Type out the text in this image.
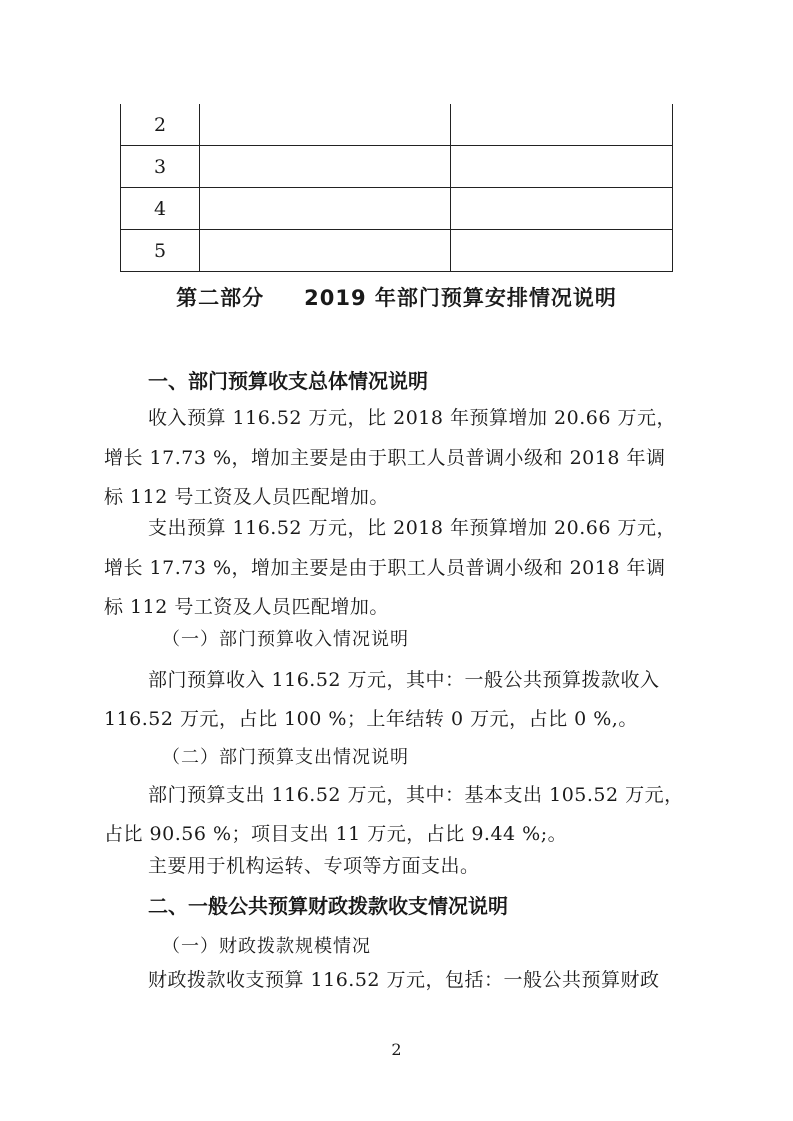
2		
3		
4		
5		
第二部分 2019 年部门预算安排情况说明
一、部门预算收支总体情况说明
收入预算 116.52 万元，比 2018 年预算增加 20.66 万元，
增长 17.73 %，增加主要是由于职工人员普调小级和 2018 年调
标 112 号工资及人员匹配增加。
支出预算 116.52 万元，比 2018 年预算增加 20.66 万元，
增长 17.73 %，增加主要是由于职工人员普调小级和 2018 年调
标 112 号工资及人员匹配增加。
（一）部门预算收入情况说明
部门预算收入 116.52 万元，其中：一般公共预算拨款收入
116.52 万元，占比 100 %；上年结转 0 万元，占比 0 %,。
（二）部门预算支出情况说明
部门预算支出 116.52 万元，其中：基本支出 105.52 万元，
占比 90.56 %；项目支出 11 万元，占比 9.44 %;。
主要用于机构运转、专项等方面支出。
二、一般公共预算财政拨款收支情况说明
（一）财政拨款规模情况
财政拨款收支预算 116.52 万元，包括：一般公共预算财政
2
